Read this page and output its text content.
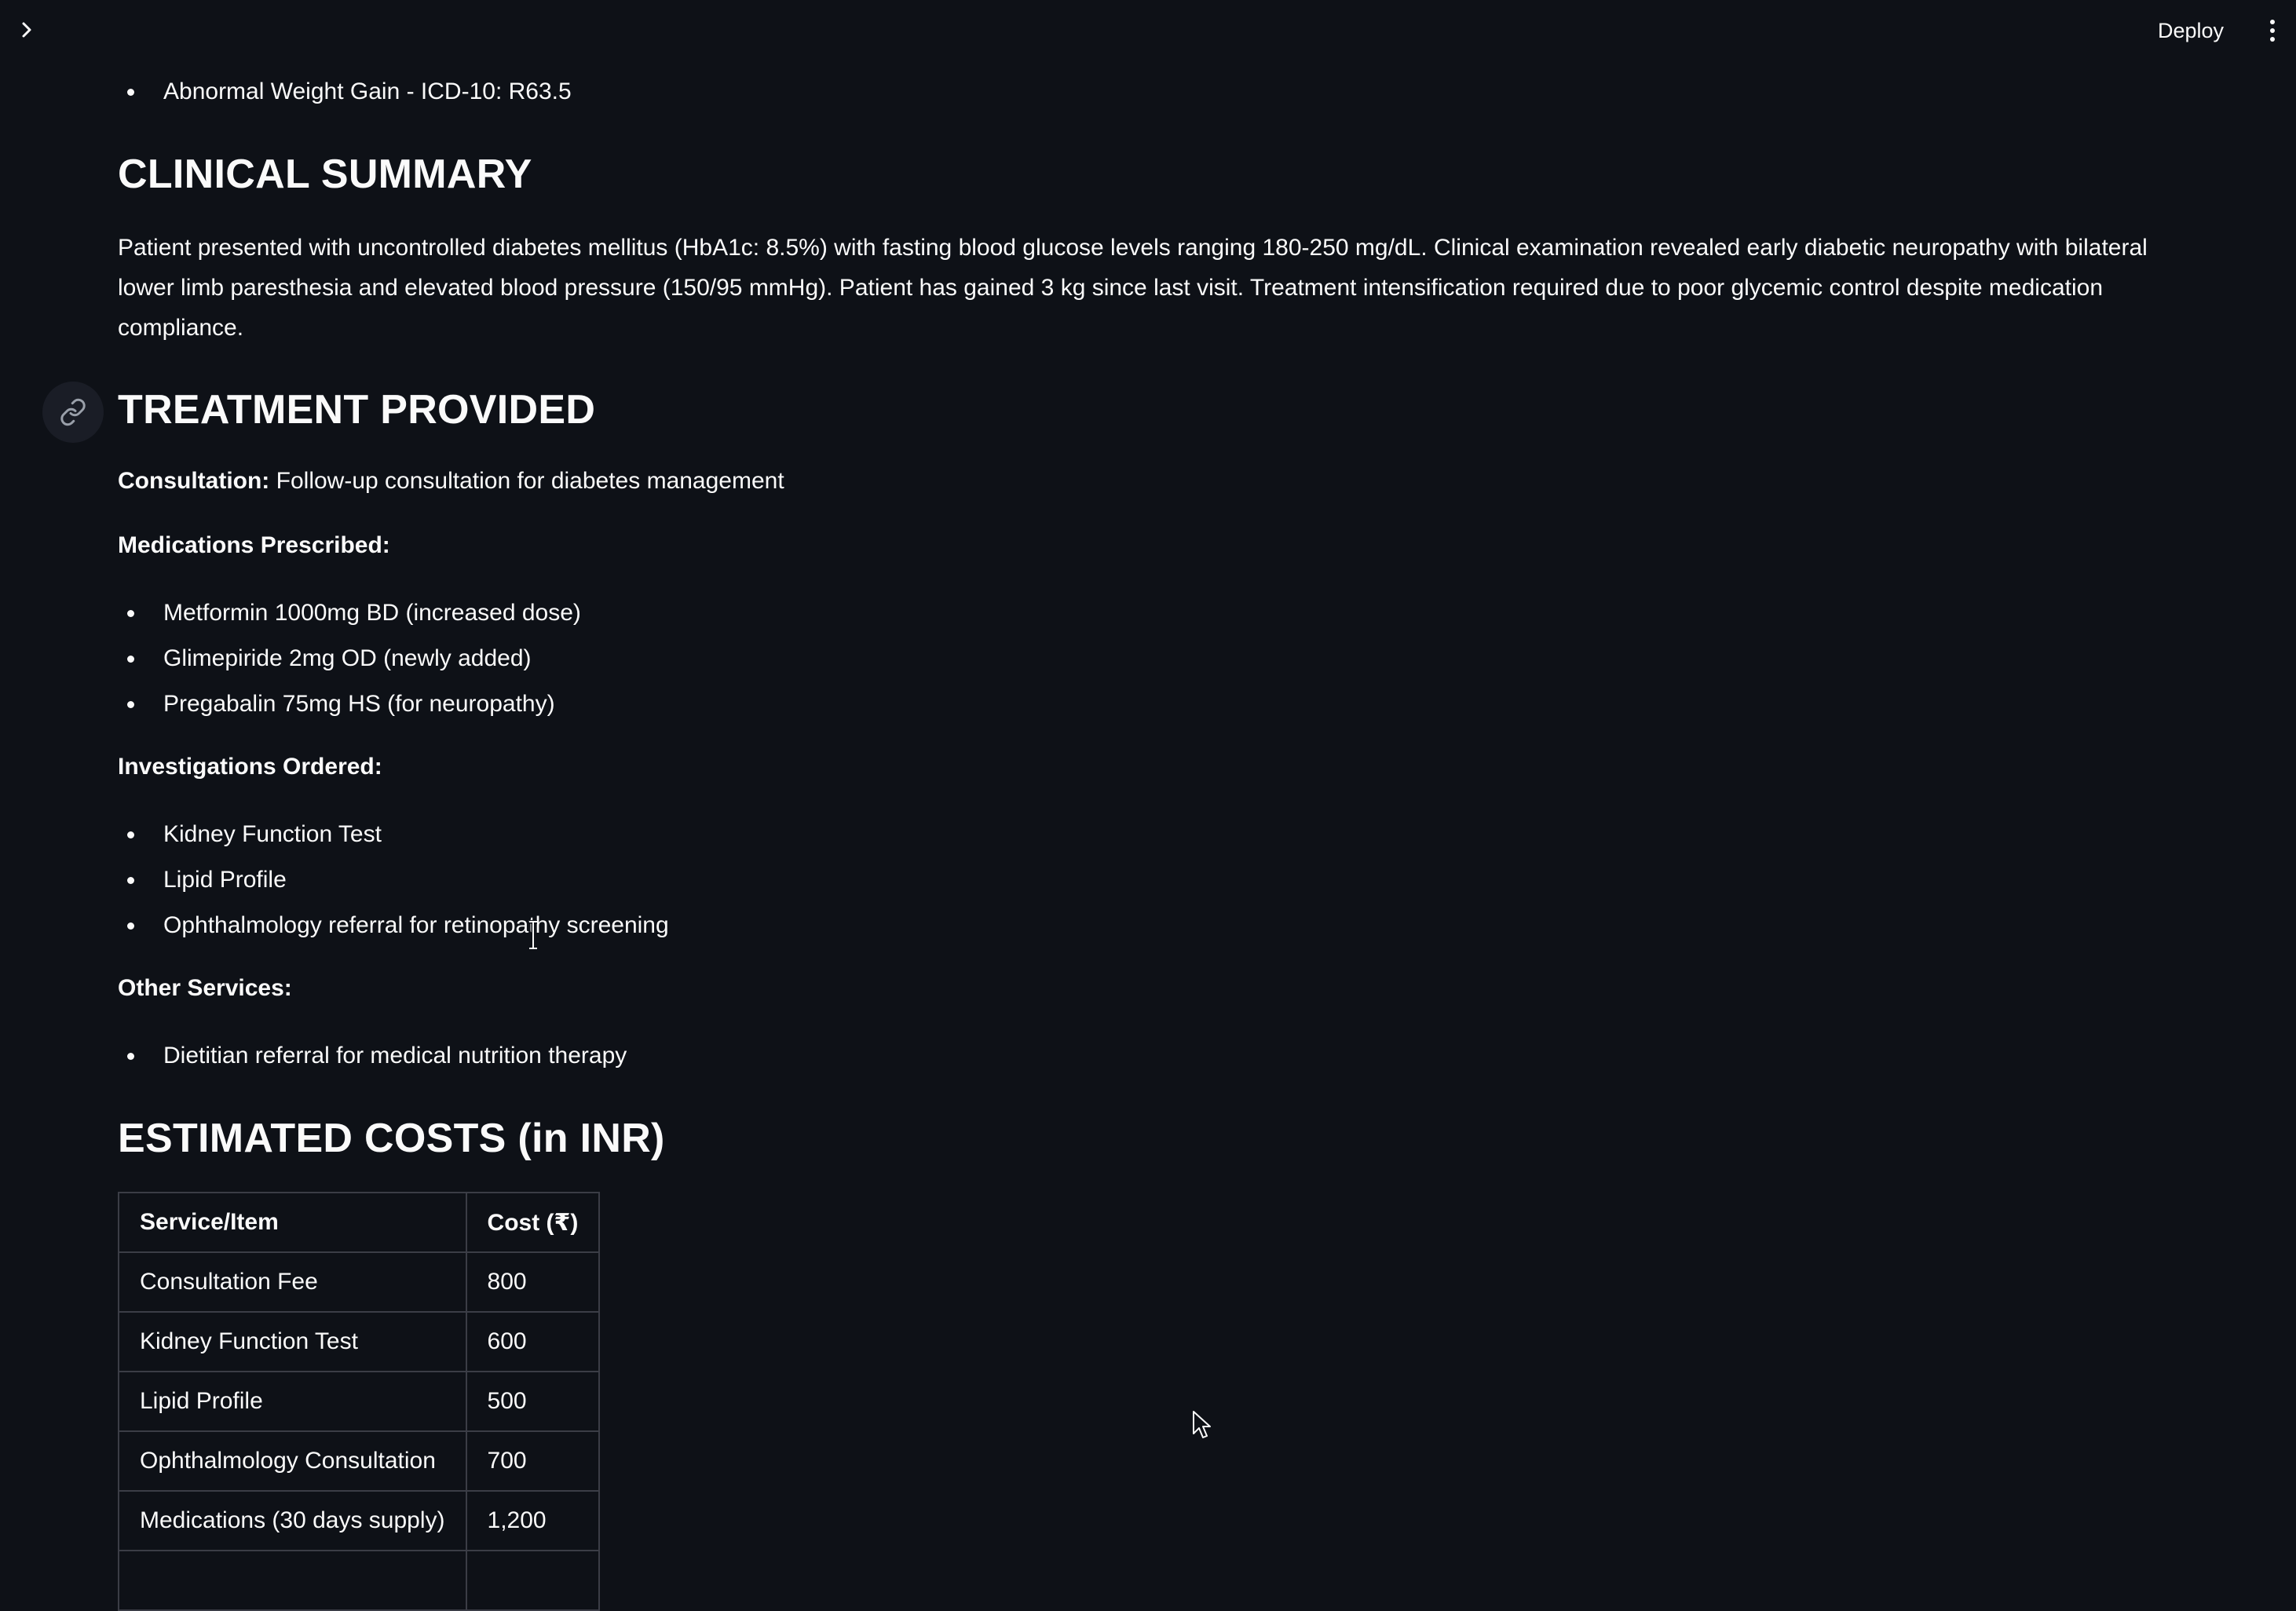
Deploy
Abnormal Weight Gain - ICD-10: R63.5
CLINICAL SUMMARY

Patient presented with uncontrolled diabetes mellitus (HbA1c: 8.5%) with fasting blood glucose levels ranging 180-250 mg/dL. Clinical examination revealed early diabetic neuropathy with bilateral lower limb paresthesia and elevated blood pressure (150/95 mmHg). Patient has gained 3 kg since last visit. Treatment intensification required due to poor glycemic control despite medication compliance.

TREATMENT PROVIDED

Consultation: Follow-up consultation for diabetes management

Medications Prescribed:

Metformin 1000mg BD (increased dose)
Glimepiride 2mg OD (newly added)
Pregabalin 75mg HS (for neuropathy)

Investigations Ordered:

Kidney Function Test
Lipid Profile
Ophthalmology referral for retinopathy screening

Other Services:

Dietitian referral for medical nutrition therapy
ESTIMATED COSTS (in INR)
Service/Item	Cost (₹)
Consultation Fee	800
Kidney Function Test	600
Lipid Profile	500
Ophthalmology Consultation	700
Medications (30 days supply)	1,200
